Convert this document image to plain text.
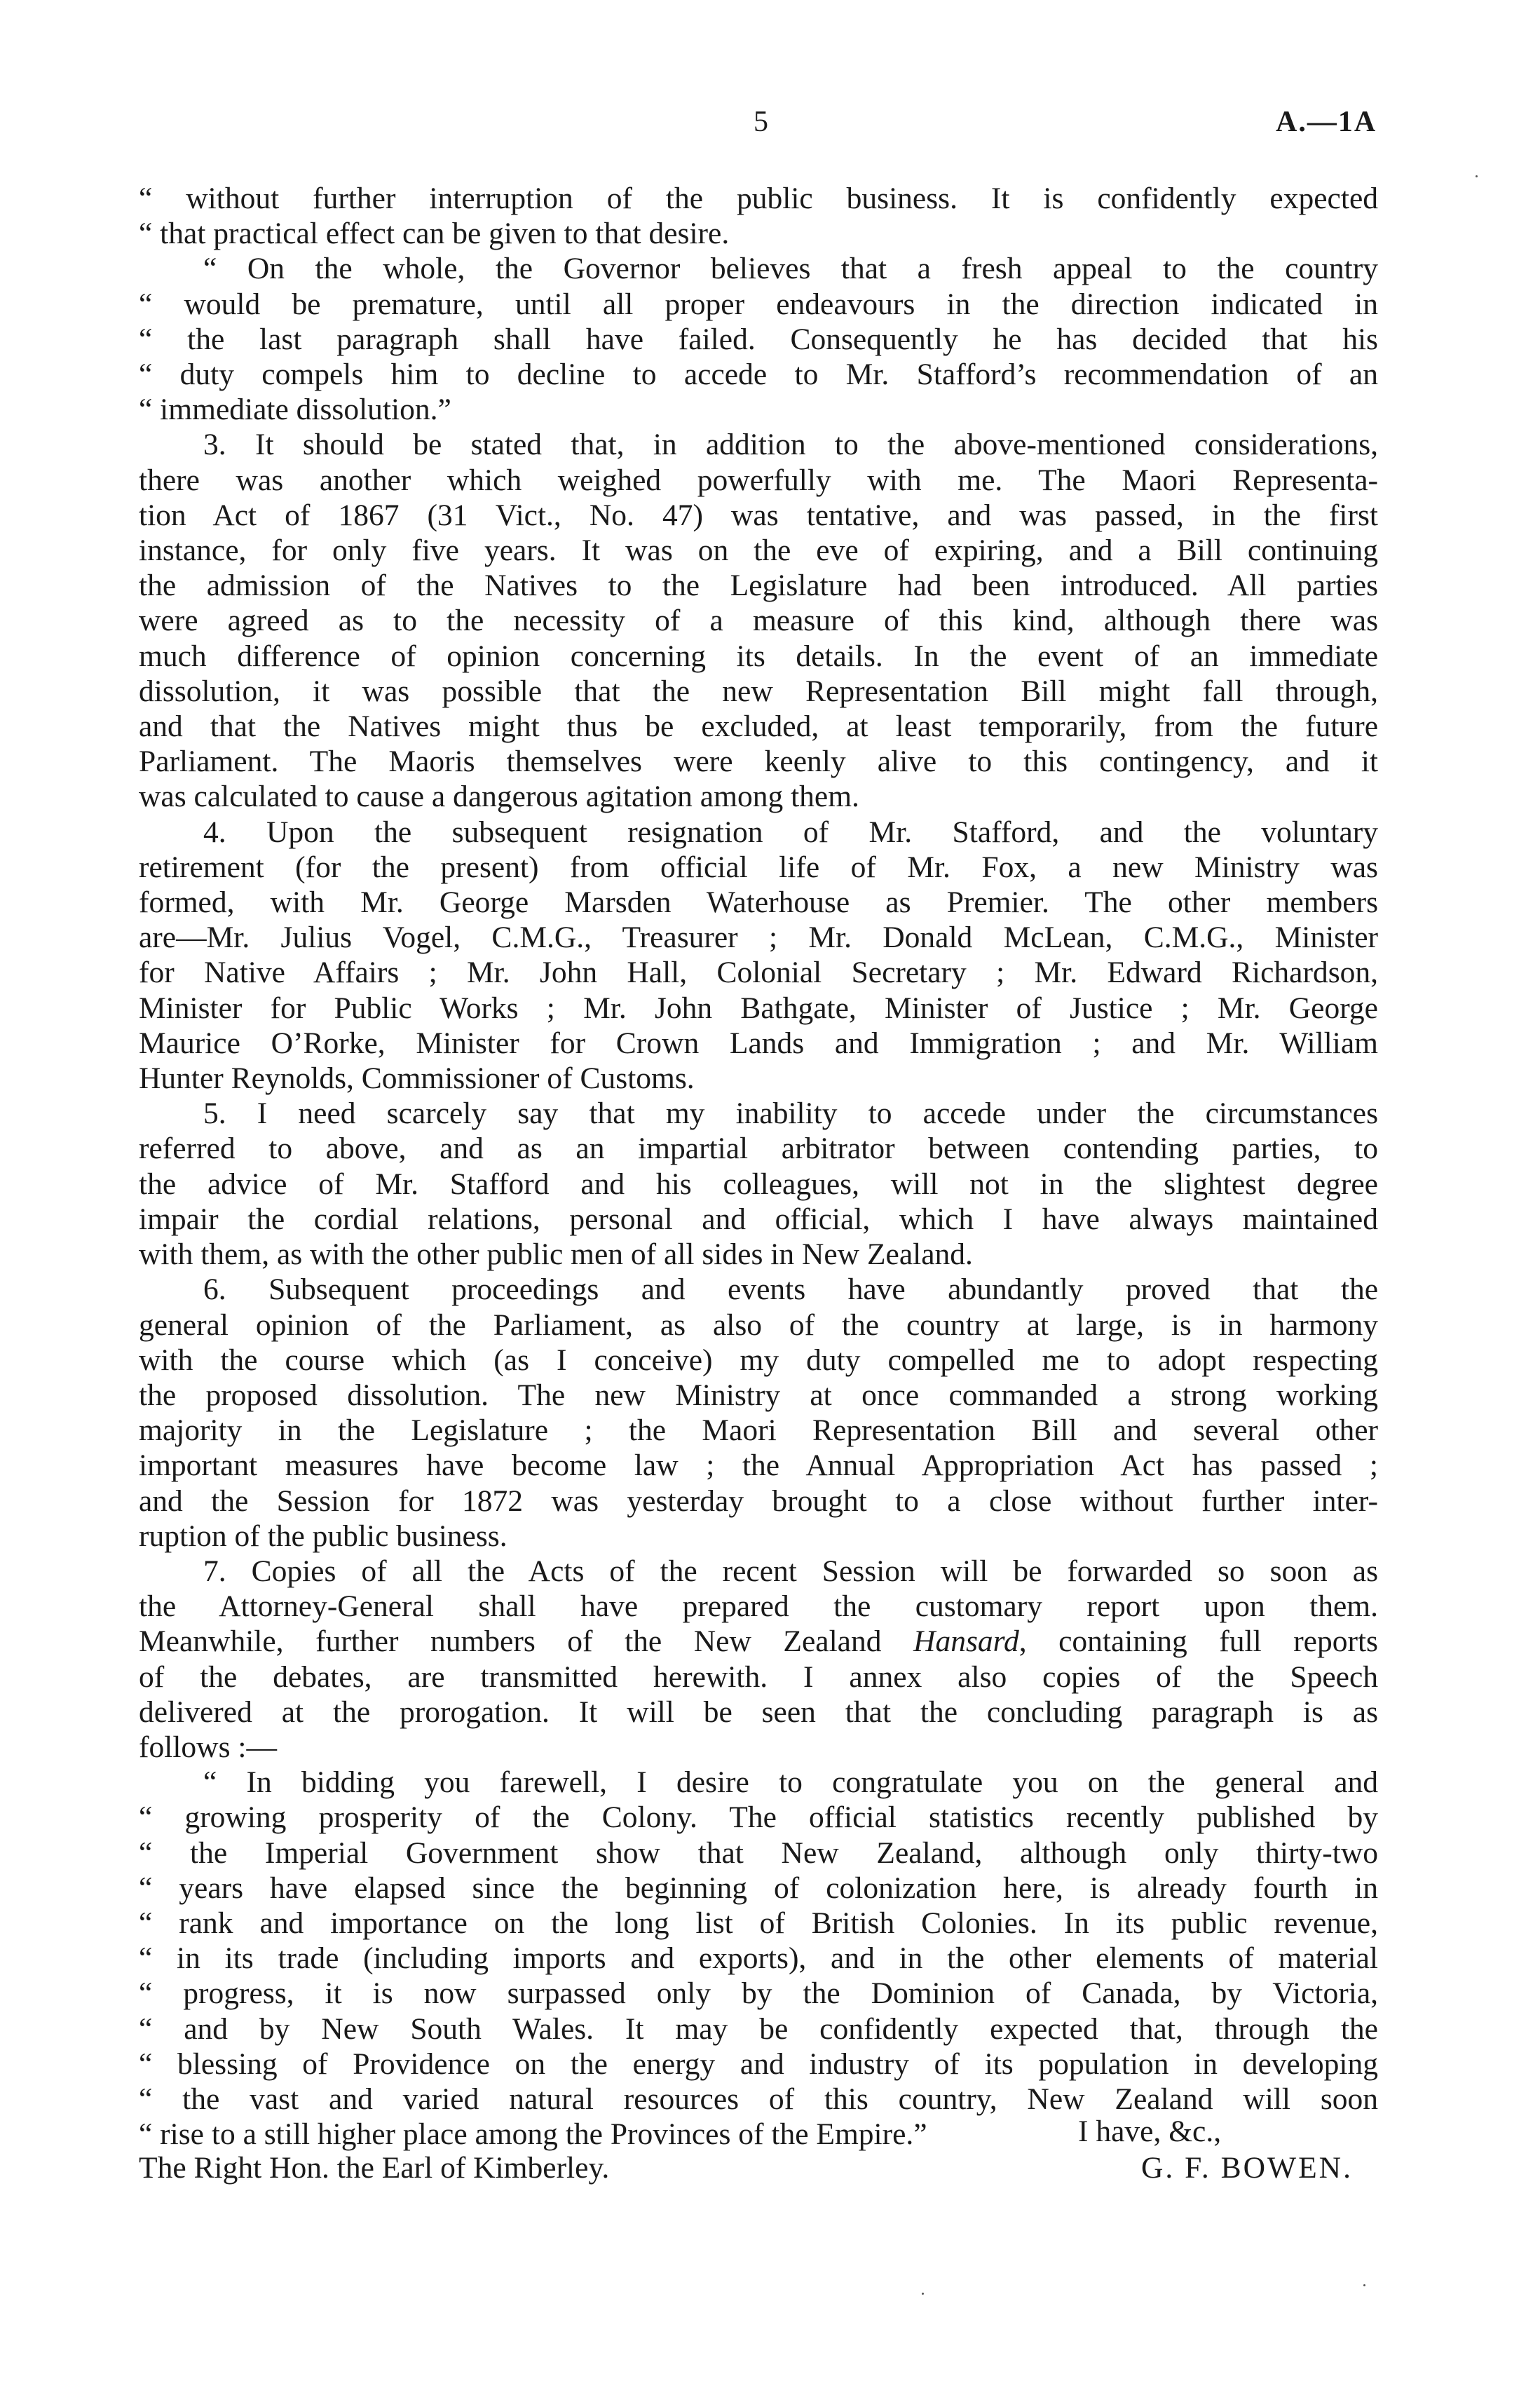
5	A.—1A
“ without further interruption of the public business. It is confidently expected
“ that practical effect can be given to that desire.
“ On the whole, the Governor believes that a fresh appeal to the country
“ would be premature, until all proper endeavours in the direction indicated in
“ the last paragraph shall have failed. Consequently he has decided that his
“ duty compels him to decline to accede to Mr. Stafford’s recommendation of an
“ immediate dissolution.”
3. It should be stated that, in addition to the above-mentioned considerations,
there was another which weighed powerfully with me. The Maori Representa-
tion Act of 1867 (31 Vict., No. 47) was tentative, and was passed, in the first
instance, for only five years. It was on the eve of expiring, and a Bill continuing
the admission of the Natives to the Legislature had been introduced. All parties
were agreed as to the necessity of a measure of this kind, although there was
much difference of opinion concerning its details. In the event of an immediate
dissolution, it was possible that the new Representation Bill might fall through,
and that the Natives might thus be excluded, at least temporarily, from the future
Parliament. The Maoris themselves were keenly alive to this contingency, and it
was calculated to cause a dangerous agitation among them.
4. Upon the subsequent resignation of Mr. Stafford, and the voluntary
retirement (for the present) from official life of Mr. Fox, a new Ministry was
formed, with Mr. George Marsden Waterhouse as Premier. The other members
are—Mr. Julius Vogel, C.M.G., Treasurer ; Mr. Donald McLean, C.M.G., Minister
for Native Affairs ; Mr. John Hall, Colonial Secretary ; Mr. Edward Richardson,
Minister for Public Works ; Mr. John Bathgate, Minister of Justice ; Mr. George
Maurice O’Rorke, Minister for Crown Lands and Immigration ; and Mr. William
Hunter Reynolds, Commissioner of Customs.
5. I need scarcely say that my inability to accede under the circumstances
referred to above, and as an impartial arbitrator between contending parties, to
the advice of Mr. Stafford and his colleagues, will not in the slightest degree
impair the cordial relations, personal and official, which I have always maintained
with them, as with the other public men of all sides in New Zealand.
6. Subsequent proceedings and events have abundantly proved that the
general opinion of the Parliament, as also of the country at large, is in harmony
with the course which (as I conceive) my duty compelled me to adopt respecting
the proposed dissolution. The new Ministry at once commanded a strong working
majority in the Legislature ; the Maori Representation Bill and several other
important measures have become law ; the Annual Appropriation Act has passed ;
and the Session for 1872 was yesterday brought to a close without further inter-
ruption of the public business.
7. Copies of all the Acts of the recent Session will be forwarded so soon as
the Attorney-General shall have prepared the customary report upon them.
Meanwhile, further numbers of the New Zealand Hansard, containing full reports
of the debates, are transmitted herewith. I annex also copies of the Speech
delivered at the prorogation. It will be seen that the concluding paragraph is as
follows :—
“ In bidding you farewell, I desire to congratulate you on the general and
“ growing prosperity of the Colony. The official statistics recently published by
“ the Imperial Government show that New Zealand, although only thirty-two
“ years have elapsed since the beginning of colonization here, is already fourth in
“ rank and importance on the long list of British Colonies. In its public revenue,
“ in its trade (including imports and exports), and in the other elements of material
“ progress, it is now surpassed only by the Dominion of Canada, by Victoria,
“ and by New South Wales. It may be confidently expected that, through the
“ blessing of Providence on the energy and industry of its population in developing
“ the vast and varied natural resources of this country, New Zealand will soon
“ rise to a still higher place among the Provinces of the Empire.”	I have, &c.,
The Right Hon. the Earl of Kimberley.	G. F. BOWEN.
